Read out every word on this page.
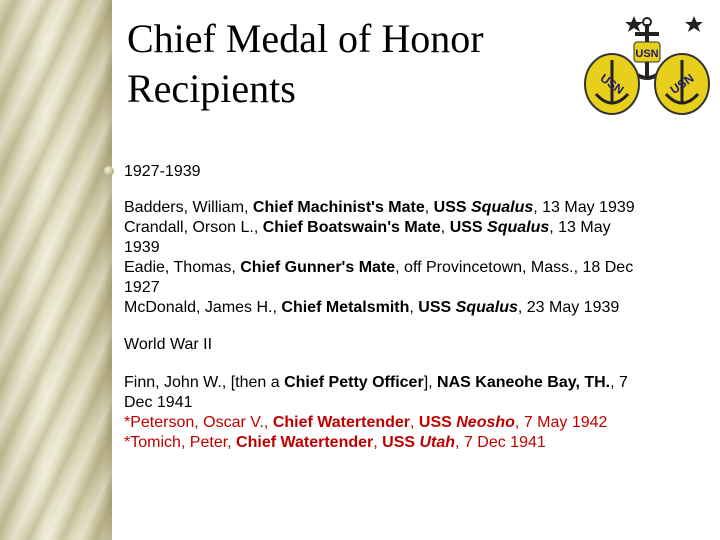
Chief Medal of Honor
Recipients
USN
USN	USN
1927-1939
Badders, William, Chief Machinist's Mate, USS Squalus, 13 May 1939
Crandall, Orson L., Chief Boatswain's Mate, USS Squalus, 13 May
1939
Eadie, Thomas, Chief Gunner's Mate, off Provincetown, Mass., 18 Dec
1927
McDonald, James H., Chief Metalsmith, USS Squalus, 23 May 1939
World War II
Finn, John W., [then a Chief Petty Officer], NAS Kaneohe Bay, TH., 7
Dec 1941
*Peterson, Oscar V., Chief Watertender, USS Neosho, 7 May 1942
*Tomich, Peter, Chief Watertender, USS Utah, 7 Dec 1941
